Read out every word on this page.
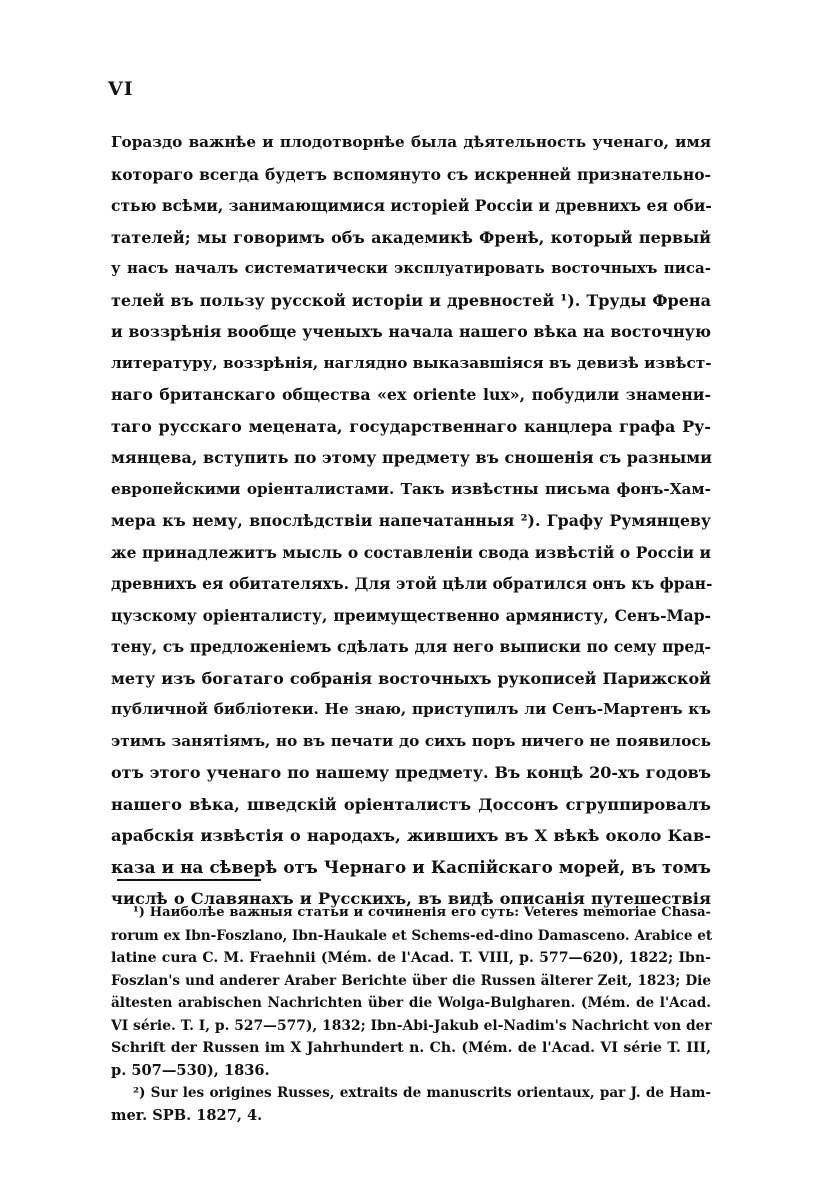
VI
Гораздо важнѣе и плодотворнѣе была дѣятельность ученаго, имя
котораго всегда будетъ вспомянуто съ искренней признательно-
стью всѣми, занимающимися исторіей Россіи и древнихъ ея оби-
тателей; мы говоримъ объ академикѣ Френѣ, который первый
у насъ началъ систематически эксплуатировать восточныхъ писа-
телей въ пользу русской исторіи и древностей ¹). Труды Френа
и воззрѣнія вообще ученыхъ начала нашего вѣка на восточную
литературу, воззрѣнія, наглядно выказавшіяся въ девизѣ извѣст-
наго британскаго общества «ex oriente lux», побудили знамени-
таго русскаго мецената, государственнаго канцлера графа Ру-
мянцева, вступить по этому предмету въ сношенія съ разными
европейскими оріенталистами. Такъ извѣстны письма фонъ-Хам-
мера къ нему, впослѣдствіи напечатанныя ²). Графу Румянцеву
же принадлежитъ мысль о составленіи свода извѣстій о Россіи и
древнихъ ея обитателяхъ. Для этой цѣли обратился онъ къ фран-
цузскому оріенталисту, преимущественно армянисту, Сенъ-Мар-
тену, съ предложеніемъ сдѣлать для него выписки по сему пред-
мету изъ богатаго собранія восточныхъ рукописей Парижской
публичной библіотеки. Не знаю, приступилъ ли Сенъ-Мартенъ къ
этимъ занятіямъ, но въ печати до сихъ поръ ничего не появилось
отъ этого ученаго по нашему предмету. Въ концѣ 20-хъ годовъ
нашего вѣка, шведскій оріенталистъ Доссонъ сгруппировалъ
арабскія извѣстія о народахъ, жившихъ въ X вѣкѣ около Кав-
каза и на сѣверѣ отъ Чернаго и Каспійскаго морей, въ томъ
числѣ о Славянахъ и Русскихъ, въ видѣ описанія путешествія
¹) Наиболѣе важныя статьи и сочиненія его суть: Veteres memoriae Chasa-
rorum ex Ibn-Foszlano, Ibn-Haukale et Schems-ed-dino Damasceno. Arabice et
latine cura C. M. Fraehnii (Mém. de l'Acad. T. VIII, p. 577—620), 1822; Ibn-
Foszlan's und anderer Araber Berichte über die Russen älterer Zeit, 1823; Die
ältesten arabischen Nachrichten über die Wolga-Bulgharen. (Mém. de l'Acad.
VI série. T. I, p. 527—577), 1832; Ibn-Abi-Jakub el-Nadim's Nachricht von der
Schrift der Russen im X Jahrhundert n. Ch. (Mém. de l'Acad. VI série T. III,
p. 507—530), 1836.
²) Sur les origines Russes, extraits de manuscrits orientaux, par J. de Ham-
mer. SPB. 1827, 4.
